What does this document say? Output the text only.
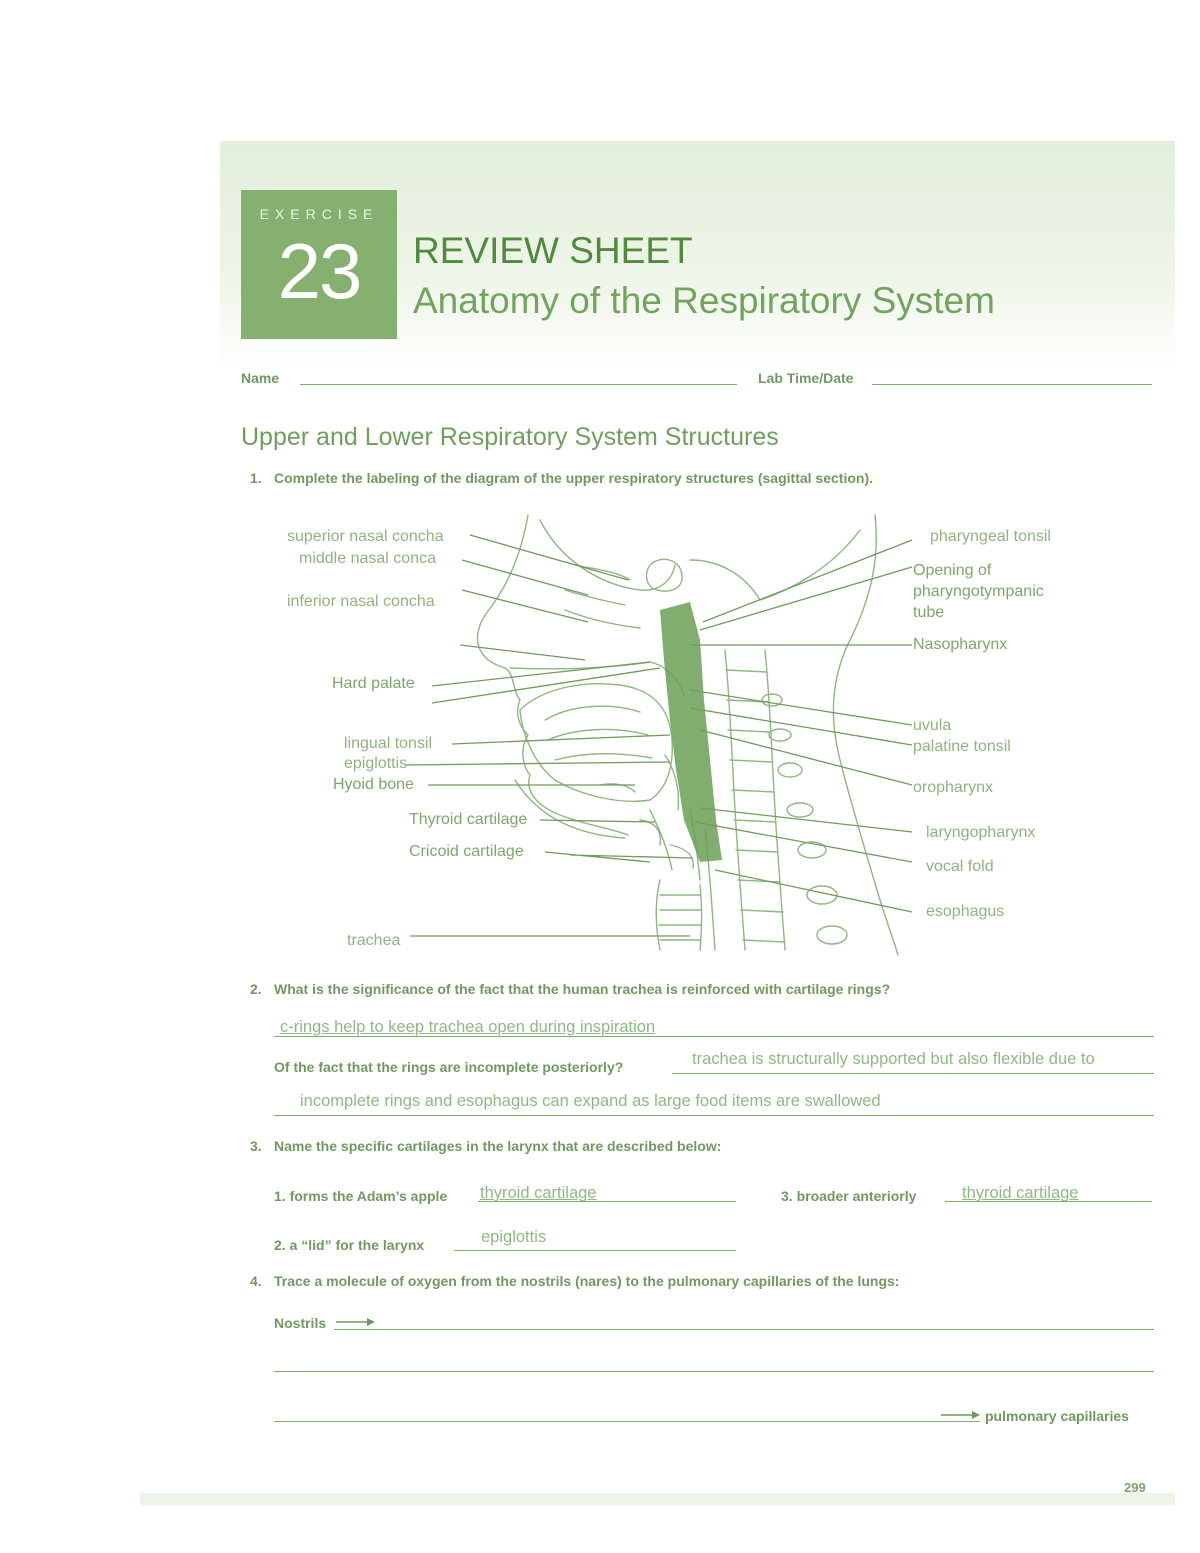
EXERCISE
23	REVIEW SHEET
Anatomy of the Respiratory System
Name	Lab Time/Date
Upper and Lower Respiratory System Structures
1. Complete the labeling of the diagram of the upper respiratory structures (sagittal section).
superior nasal concha
middle nasal conca
inferior nasal concha
Hard palate
lingual tonsil
epiglottis
Hyoid bone
Thyroid cartilage
Cricoid cartilage
trachea
pharyngeal tonsil
Opening of
pharyngotympanic
tube
Nasopharynx
uvula
palatine tonsil
oropharynx
laryngopharynx
vocal fold
esophagus
2. What is the significance of the fact that the human trachea is reinforced with cartilage rings?
c-rings help to keep trachea open during inspiration
Of the fact that the rings are incomplete posteriorly?	trachea is structurally supported but also flexible due to
incomplete rings and esophagus can expand as large food items are swallowed
3. Name the specific cartilages in the larynx that are described below:
1. forms the Adam’s apple thyroid cartilage	3. broader anteriorly	thyroid cartilage
2. a “lid” for the larynx	epiglottis
4. Trace a molecule of oxygen from the nostrils (nares) to the pulmonary capillaries of the lungs:
Nostrils
pulmonary capillaries
299
